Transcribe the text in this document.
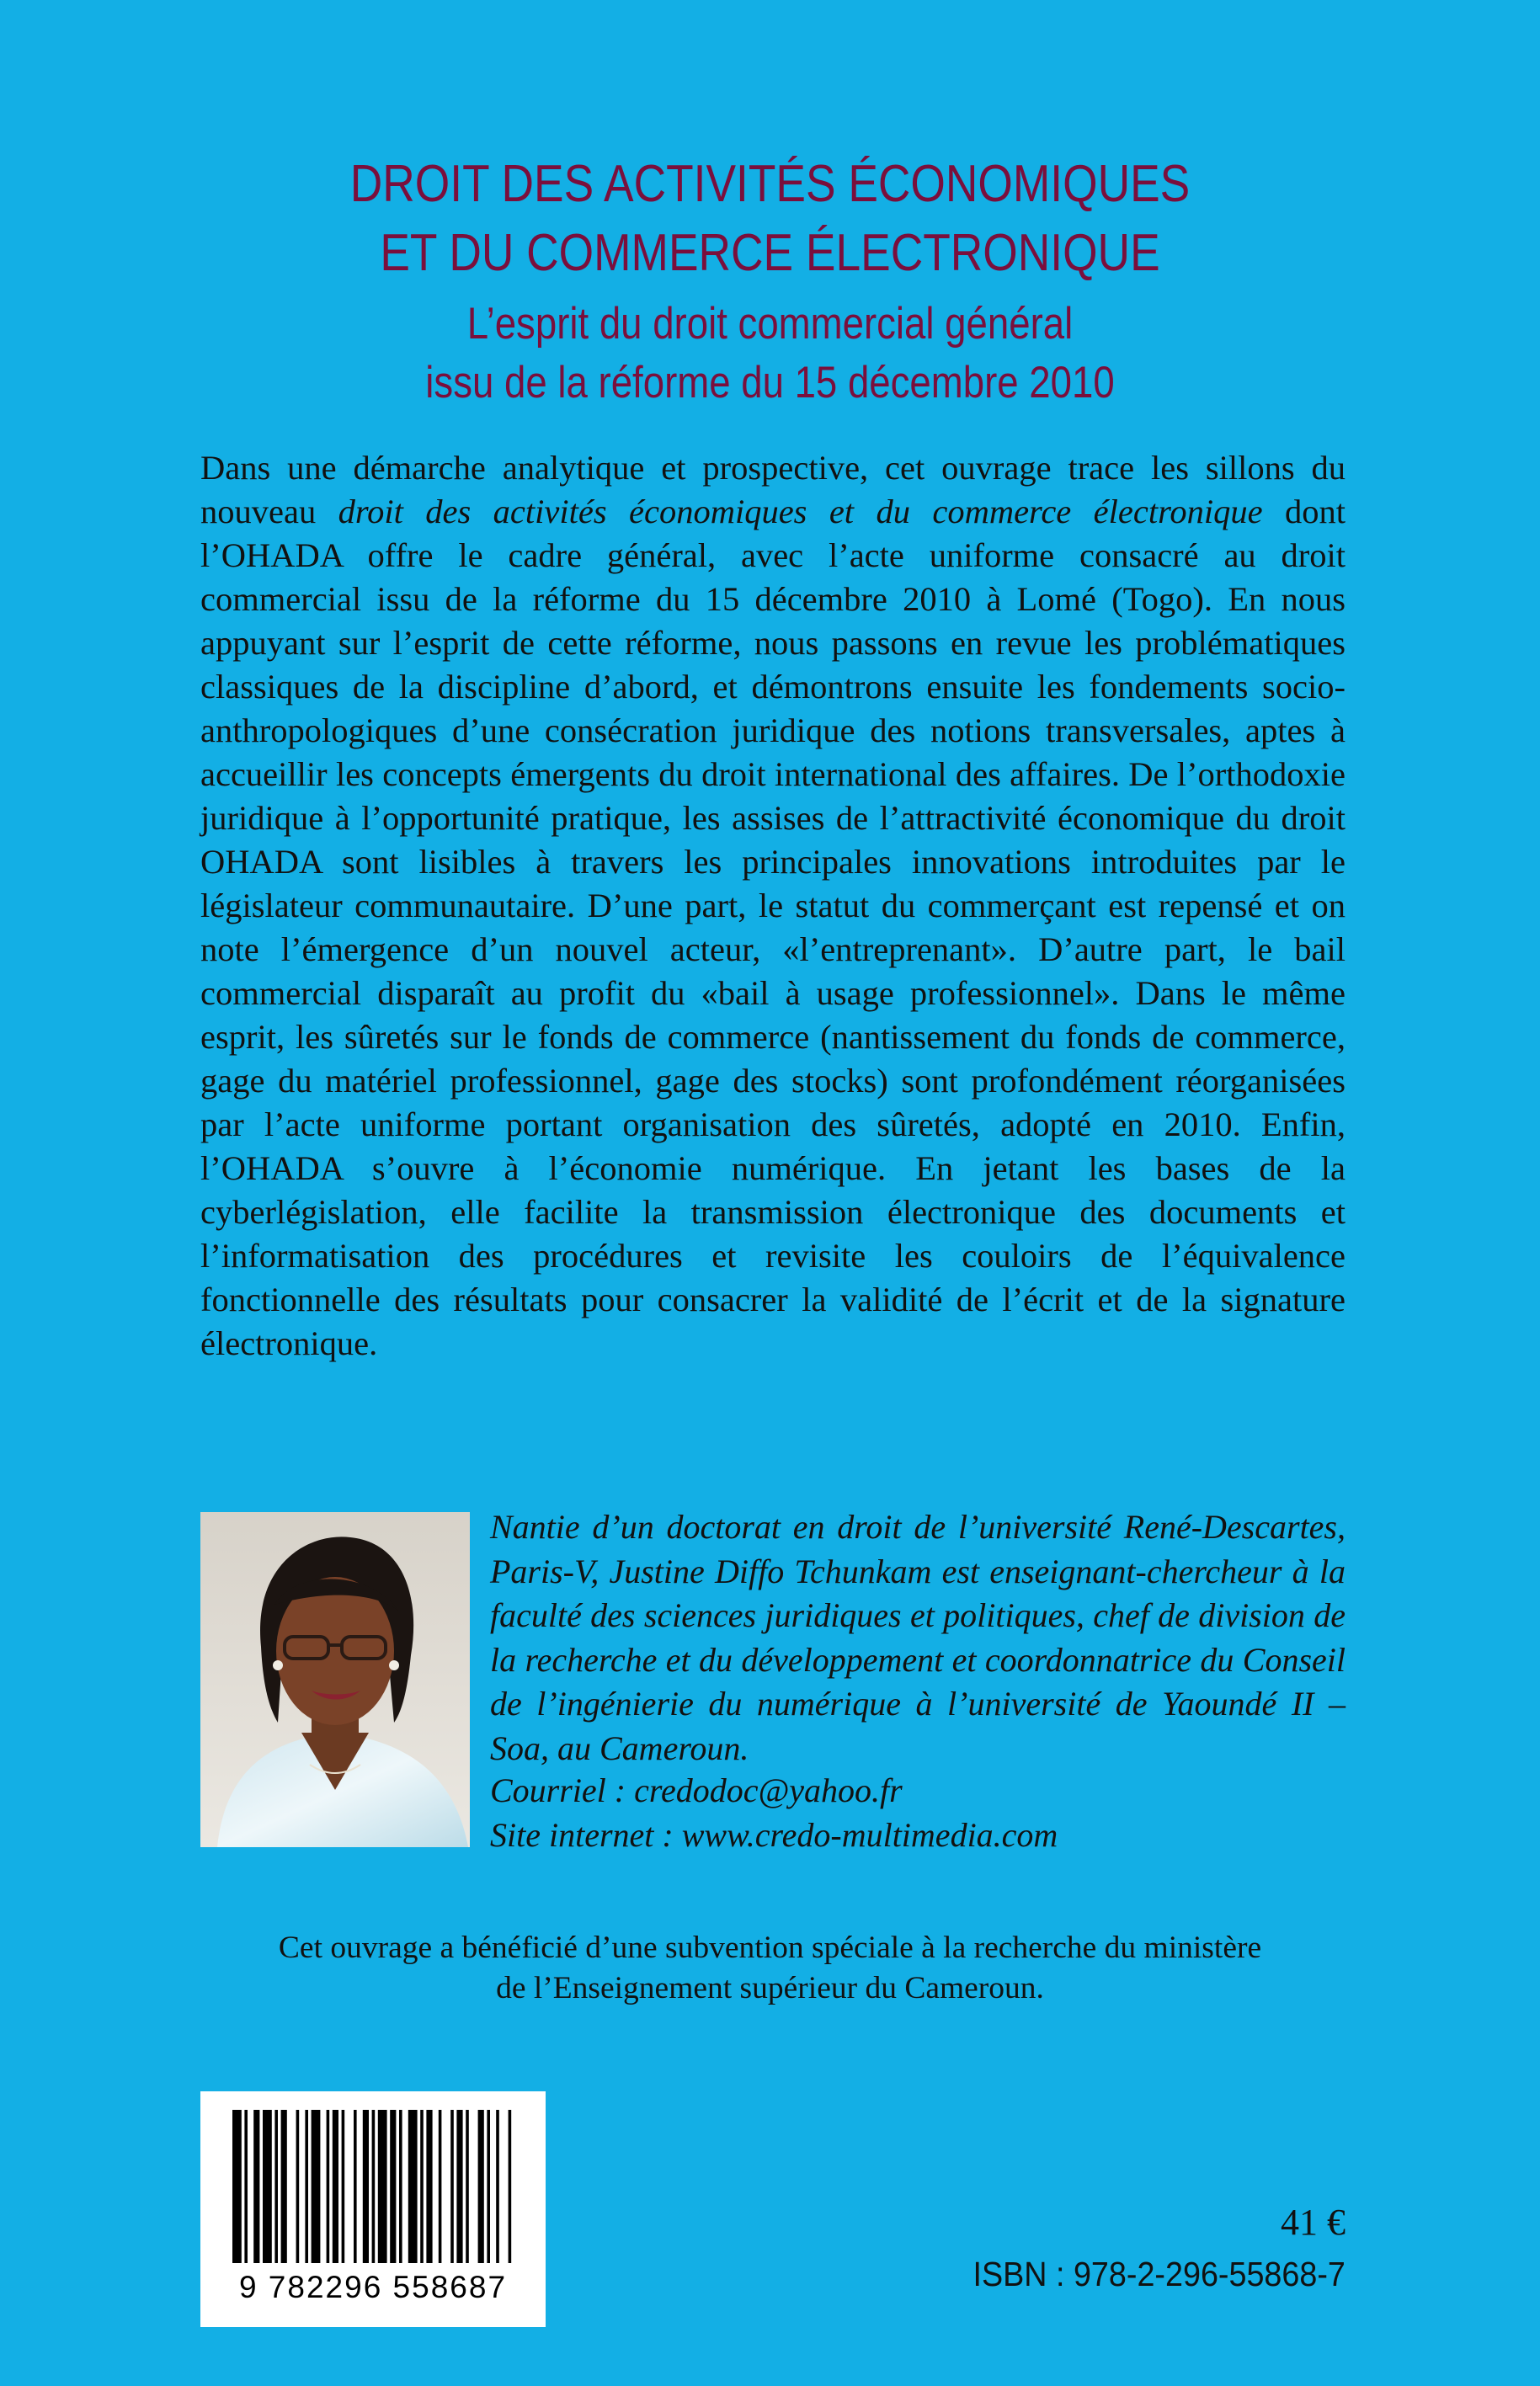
DROIT DES ACTIVITÉS ÉCONOMIQUES
ET DU COMMERCE ÉLECTRONIQUE
L’esprit du droit commercial général
issu de la réforme du 15 décembre 2010
Dans une démarche analytique et prospective, cet ouvrage trace les sillons du nouveau droit des activités économiques et du commerce électronique dont l’OHADA offre le cadre général, avec l’acte uniforme consacré au droit commercial issu de la réforme du 15 décembre 2010 à Lomé (Togo). En nous appuyant sur l’esprit de cette réforme, nous passons en revue les problématiques classiques de la discipline d’abord, et démontrons ensuite les fondements socio-anthropologiques d’une consécration juridique des notions transversales, aptes à accueillir les concepts émergents du droit international des affaires. De l’orthodoxie juridique à l’opportunité pratique, les assises de l’attractivité économique du droit OHADA sont lisibles à travers les principales innovations introduites par le législateur communautaire. D’une part, le statut du commerçant est repensé et on note l’émergence d’un nouvel acteur, «l’entreprenant». D’autre part, le bail commercial disparaît au profit du «bail à usage professionnel». Dans le même esprit, les sûretés sur le fonds de commerce (nantissement du fonds de commerce, gage du matériel professionnel, gage des stocks) sont profondément réorganisées par l’acte uniforme portant organisation des sûretés, adopté en 2010. Enfin, l’OHADA s’ouvre à l’économie numérique. En jetant les bases de la cyberlégislation, elle facilite la transmission électronique des documents et l’informatisation des procédures et revisite les couloirs de l’équivalence fonctionnelle des résultats pour consacrer la validité de l’écrit et de la signature électronique.

Nantie d’un doctorat en droit de l’université René-Descartes, Paris-V, Justine Diffo Tchunkam est enseignant-chercheur à la faculté des sciences juridiques et politiques, chef de division de la recherche et du développement et coordonnatrice du Conseil de l’ingénierie du numérique à l’université de Yaoundé II – Soa, au Cameroun.

Courriel : credodoc@yahoo.fr
Site internet : www.credo-multimedia.com
Cet ouvrage a bénéficié d’une subvention spéciale à la recherche du ministère
de l’Enseignement supérieur du Cameroun.
9 782296 558687
41 €
ISBN : 978-2-296-55868-7
